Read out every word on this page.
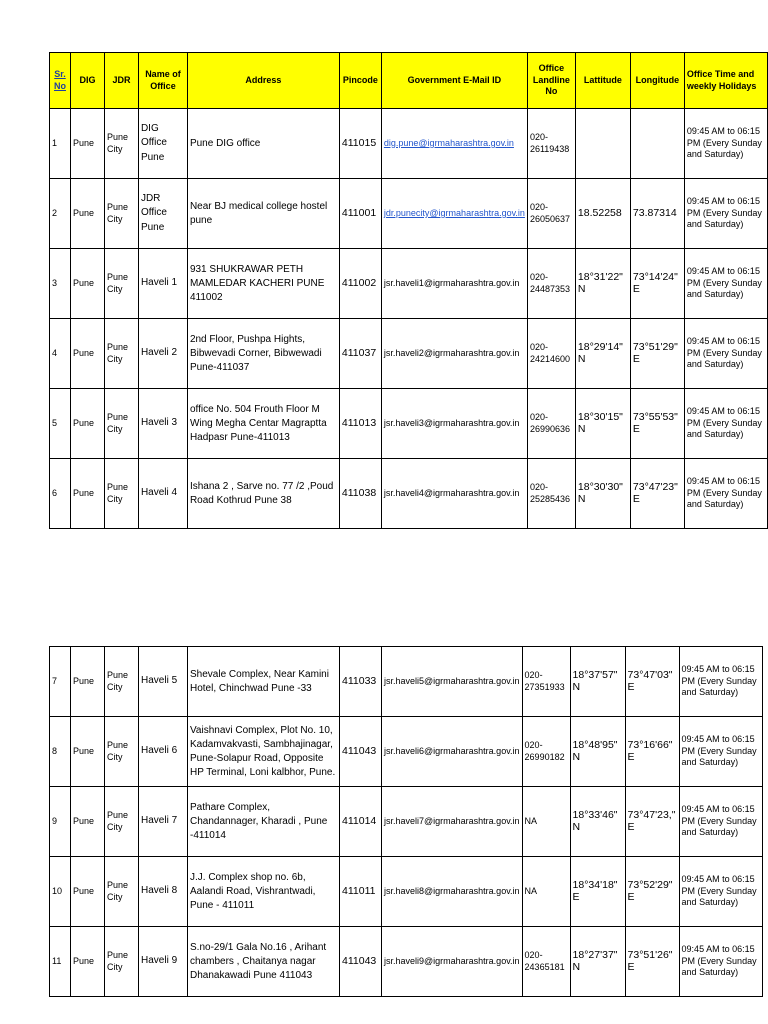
Sr. No	DIG	JDR	Name of Office	Address	Pincode	Government E-Mail ID	Office Landline No	Lattitude	Longitude	Office Time and weekly Holidays
1	Pune	Pune City	DIG Office Pune	Pune DIG office	411015	dig.pune@igrmaharashtra.gov.in	020-26119438			09:45 AM to 06:15 PM (Every Sunday and Saturday)
2	Pune	Pune City	JDR Office Pune	Near BJ medical college hostel pune	411001	jdr.punecity@igrmaharashtra.gov.in	020-26050637	18.52258	73.87314	09:45 AM to 06:15 PM (Every Sunday and Saturday)
3	Pune	Pune City	Haveli 1	931 SHUKRAWAR PETH MAMLEDAR KACHERI PUNE 411002	411002	jsr.haveli1@igrmaharashtra.gov.in	020-24487353	18°31'22" N	73°14'24" E	09:45 AM to 06:15 PM (Every Sunday and Saturday)
4	Pune	Pune City	Haveli 2	2nd Floor, Pushpa Hights, Bibwevadi Corner, Bibwewadi Pune-411037	411037	jsr.haveli2@igrmaharashtra.gov.in	020-24214600	18°29'14" N	73°51'29" E	09:45 AM to 06:15 PM (Every Sunday and Saturday)
5	Pune	Pune City	Haveli 3	office No. 504 Frouth Floor M Wing Megha Centar Magraptta Hadpasr Pune-411013	411013	jsr.haveli3@igrmaharashtra.gov.in	020-26990636	18°30'15" N	73°55'53" E	09:45 AM to 06:15 PM (Every Sunday and Saturday)
6	Pune	Pune City	Haveli 4	Ishana 2 , Sarve no. 77 /2 ,Poud Road Kothrud Pune 38	411038	jsr.haveli4@igrmaharashtra.gov.in	020-25285436	18°30'30" N	73°47'23" E	09:45 AM to 06:15 PM (Every Sunday and Saturday)
7	Pune	Pune City	Haveli 5	Shevale Complex, Near Kamini Hotel, Chinchwad Pune -33	411033	jsr.haveli5@igrmaharashtra.gov.in	020-27351933	18°37'57" N	73°47'03" E	09:45 AM to 06:15 PM (Every Sunday and Saturday)
8	Pune	Pune City	Haveli 6	Vaishnavi Complex, Plot No. 10, Kadamvakvasti, Sambhajinagar, Pune-Solapur Road, Opposite HP Terminal, Loni kalbhor, Pune.	411043	jsr.haveli6@igrmaharashtra.gov.in	020-26990182	18°48'95" N	73°16'66" E	09:45 AM to 06:15 PM (Every Sunday and Saturday)
9	Pune	Pune City	Haveli 7	Pathare Complex, Chandannager, Kharadi , Pune -411014	411014	jsr.haveli7@igrmaharashtra.gov.in	NA	18°33'46" N	73°47'23," E	09:45 AM to 06:15 PM (Every Sunday and Saturday)
10	Pune	Pune City	Haveli 8	J.J. Complex shop no. 6b, Aalandi Road, Vishrantwadi, Pune - 411011	411011	jsr.haveli8@igrmaharashtra.gov.in	NA	18°34'18" E	73°52'29" E	09:45 AM to 06:15 PM (Every Sunday and Saturday)
11	Pune	Pune City	Haveli 9	S.no-29/1 Gala No.16 , Arihant chambers , Chaitanya nagar Dhanakawadi Pune 411043	411043	jsr.haveli9@igrmaharashtra.gov.in	020-24365181	18°27'37" N	73°51'26" E	09:45 AM to 06:15 PM (Every Sunday and Saturday)
